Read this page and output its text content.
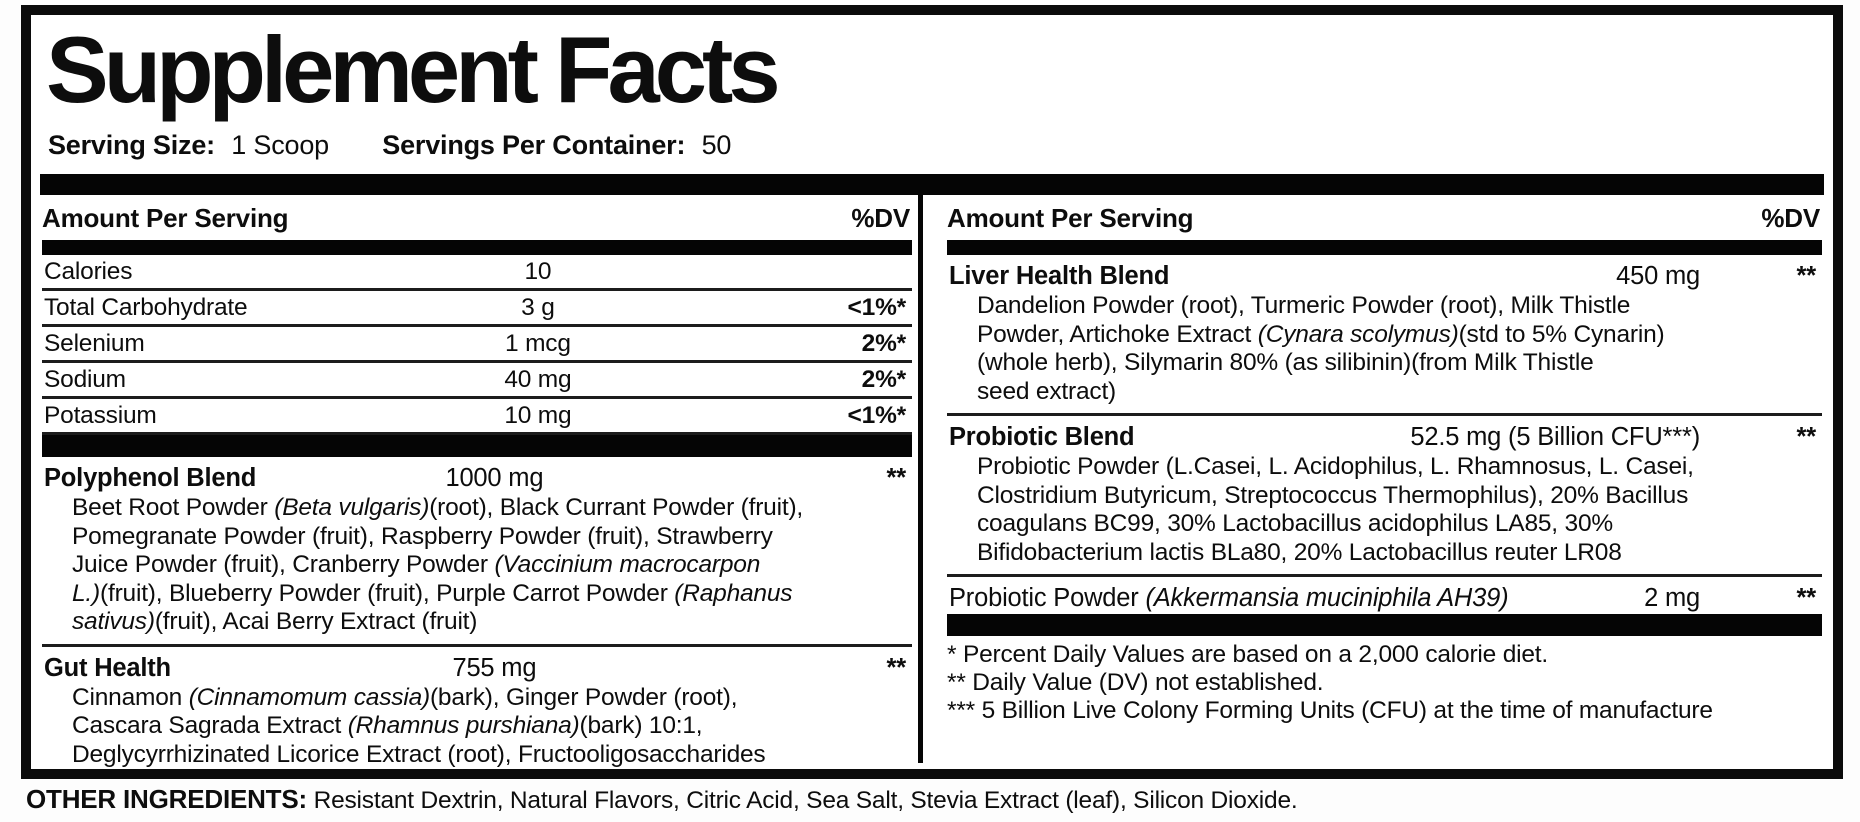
Supplement Facts
Serving Size: 1 Scoop Servings Per Container: 50
Amount Per Serving	%DV
Calories	10
Total Carbohydrate	3 g	<1%*
Selenium	1 mcg	2%*
Sodium	40 mg	2%*
Potassium	10 mg	<1%*
Polyphenol Blend	1000 mg	**
Beet Root Powder (Beta vulgaris)(root), Black Currant Powder (fruit),
Pomegranate Powder (fruit), Raspberry Powder (fruit), Strawberry
Juice Powder (fruit), Cranberry Powder (Vaccinium macrocarpon
L.)(fruit), Blueberry Powder (fruit), Purple Carrot Powder (Raphanus
sativus)(fruit), Acai Berry Extract (fruit)
Gut Health	755 mg	**
Cinnamon (Cinnamomum cassia)(bark), Ginger Powder (root),
Cascara Sagrada Extract (Rhamnus purshiana)(bark) 10:1,
Deglycyrrhizinated Licorice Extract (root), Fructooligosaccharides
Amount Per Serving	%DV
Liver Health Blend	450 mg	**
Dandelion Powder (root), Turmeric Powder (root), Milk Thistle
Powder, Artichoke Extract (Cynara scolymus)(std to 5% Cynarin)
(whole herb), Silymarin 80% (as silibinin)(from Milk Thistle
seed extract)
Probiotic Blend	52.5 mg (5 Billion CFU***)	**
Probiotic Powder (L.Casei, L. Acidophilus, L. Rhamnosus, L. Casei,
Clostridium Butyricum, Streptococcus Thermophilus), 20% Bacillus
coagulans BC99, 30% Lactobacillus acidophilus LA85, 30%
Bifidobacterium lactis BLa80, 20% Lactobacillus reuter LR08
Probiotic Powder (Akkermansia muciniphila AH39)	2 mg	**
* Percent Daily Values are based on a 2,000 calorie diet.
** Daily Value (DV) not established.
*** 5 Billion Live Colony Forming Units (CFU) at the time of manufacture
OTHER INGREDIENTS: Resistant Dextrin, Natural Flavors, Citric Acid, Sea Salt, Stevia Extract (leaf), Silicon Dioxide.
